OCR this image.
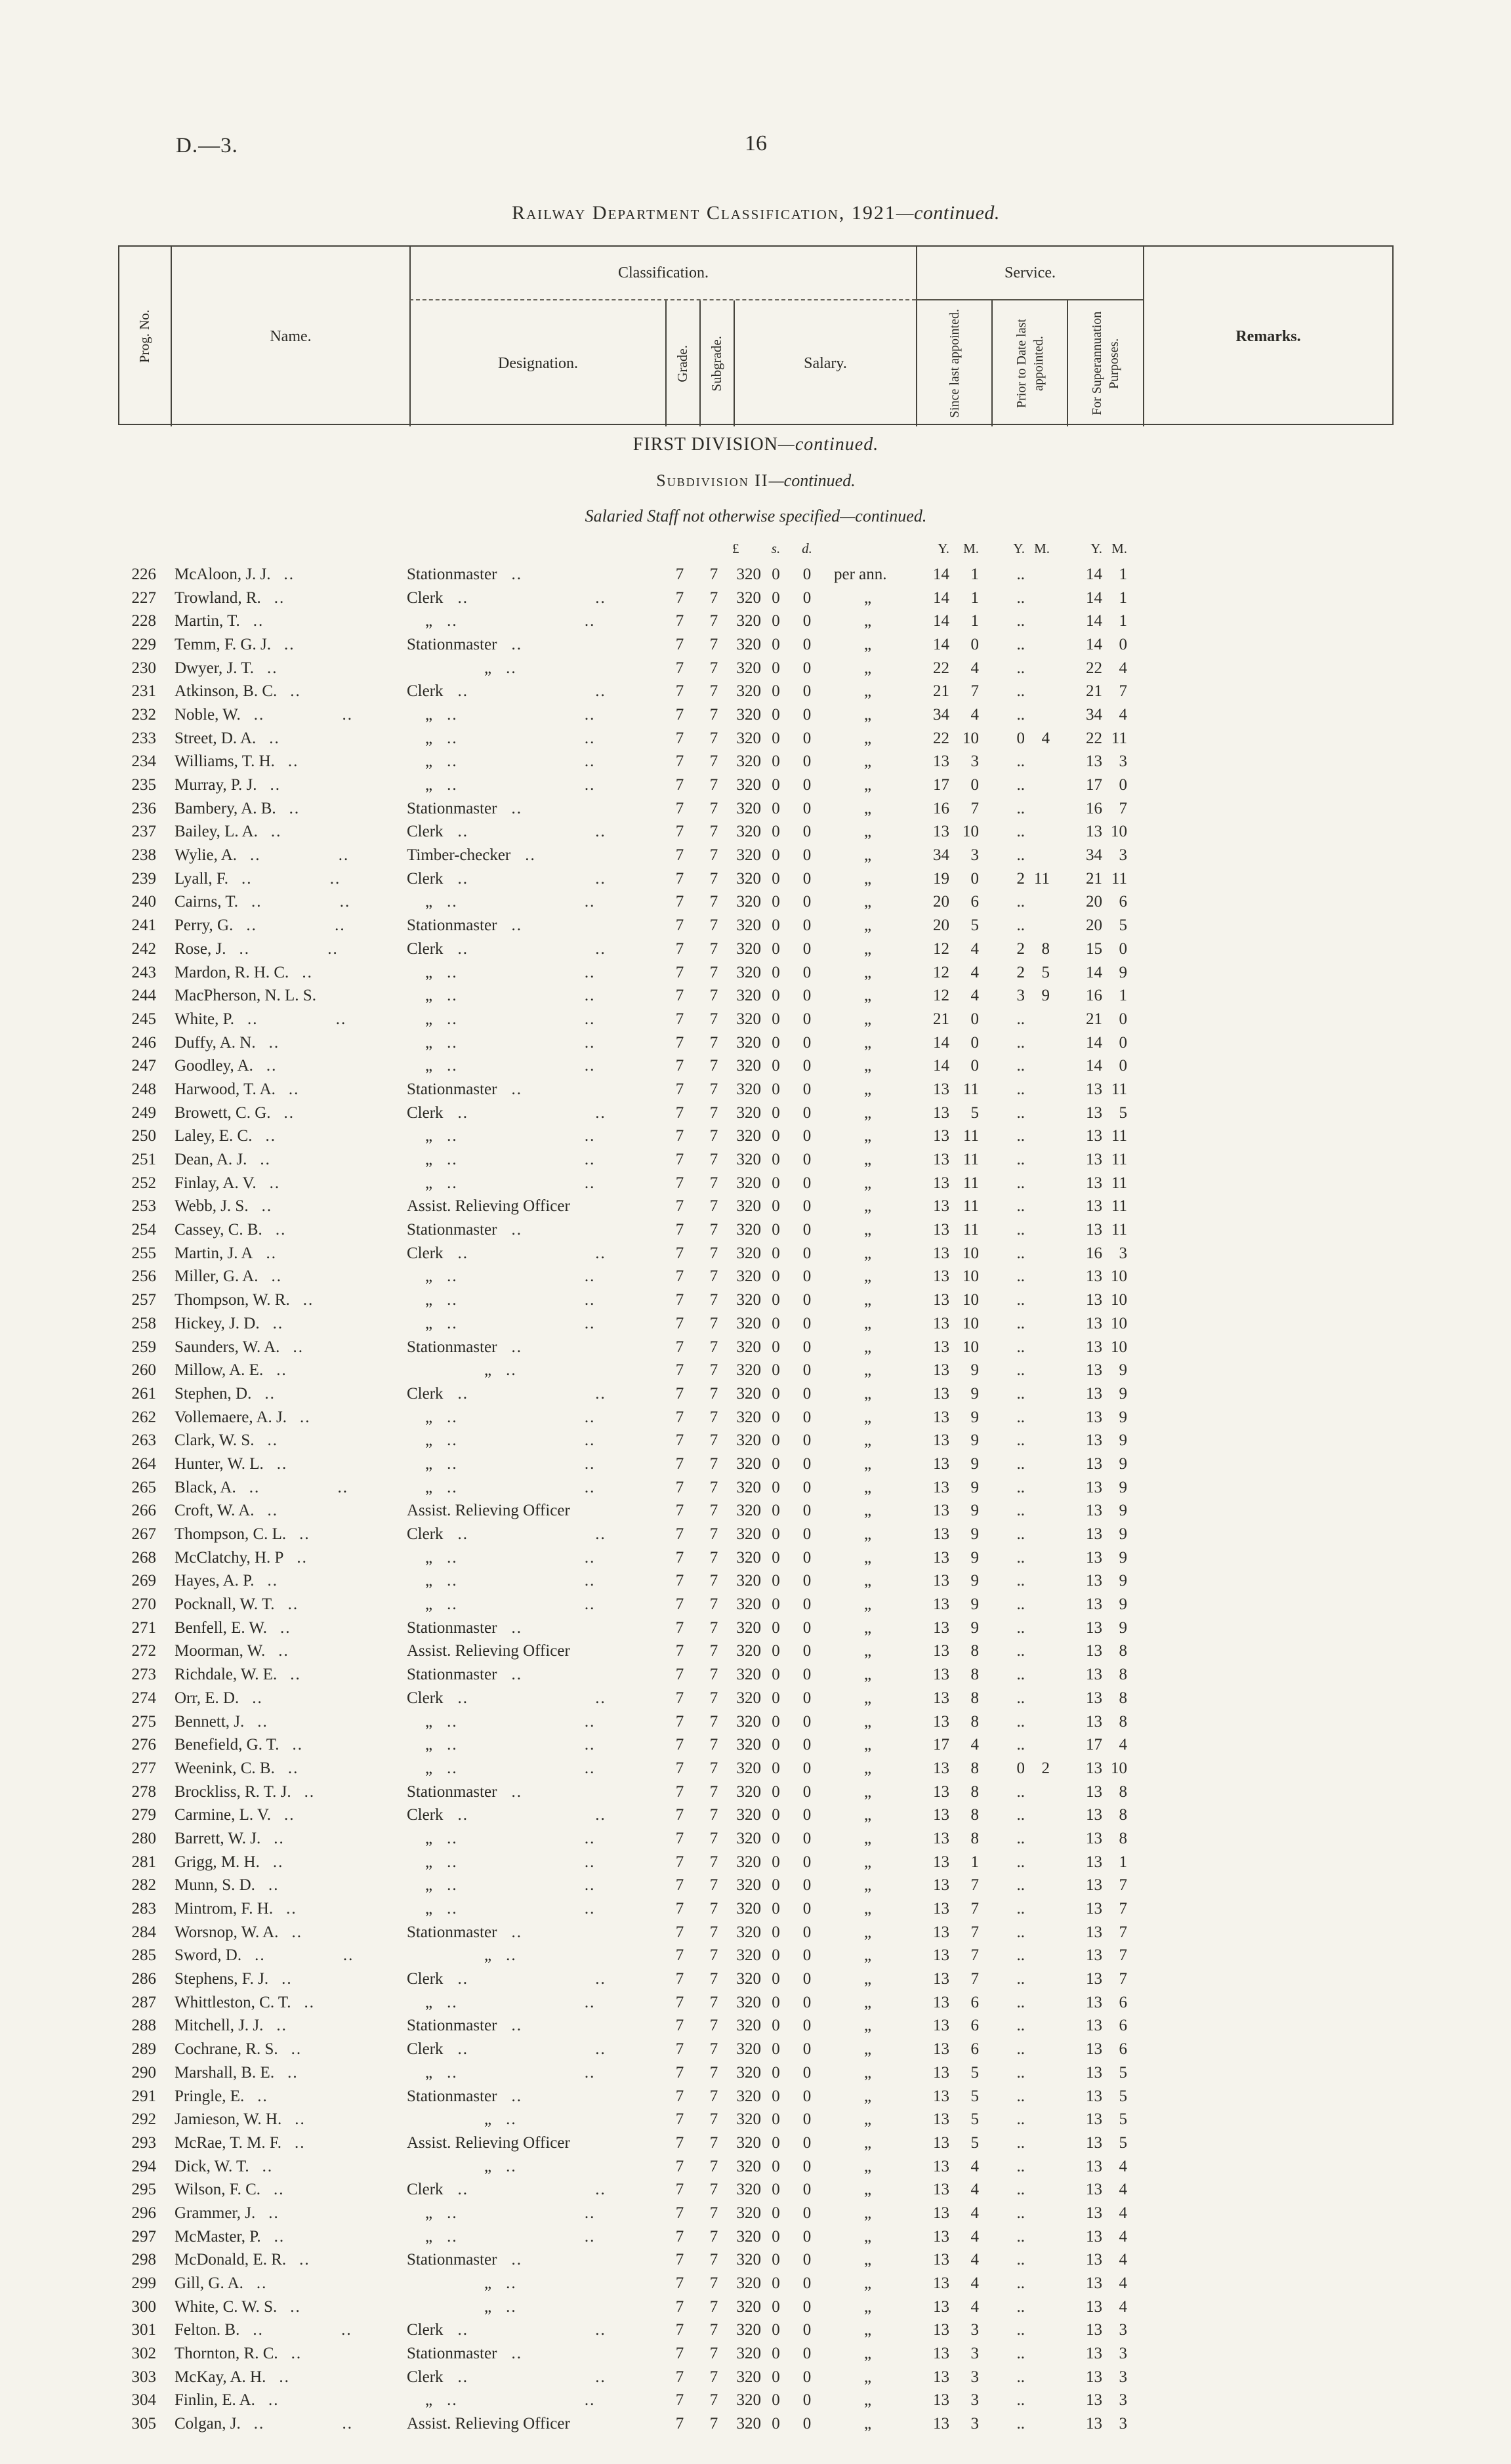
D.—3.	16
Railway Department Classification, 1921—continued.
Prog. No.	Name.
Classification.	Service.
Remarks.
Designation.	Grade. Subgrade.	Salary.	Since last appointed.	Prior to Date last appointed.	For Superannuation Purposes.
FIRST DIVISION—continued.
Subdivision II—continued.
Salaried Staff not otherwise specified—continued.
£	s.	d.	Y.	M.	Y. M.	Y. M.
226 McAloon, J. J. ..	Stationmaster ..	7	7	320 0	0	per ann.	14	1	..	14	1
227 Trowland, R. ..	Clerk .. ..	7	7	320 0	0	„	14	1	..	14	1
228 Martin, T. ..	„ .. ..	7	7	320 0	0	„	14	1	..	14	1
229 Temm, F. G. J. ..	Stationmaster ..	7	7	320 0	0	„	14	0	..	14	0
230 Dwyer, J. T. ..	„ ..	7	7	320 0	0	„	22	4	..	22	4
231 Atkinson, B. C. ..	Clerk .. ..	7	7	320 0	0	„	21	7	..	21	7
232 Noble, W. .. ..	„ .. ..	7	7	320 0	0	„	34	4	..	34	4
233 Street, D. A. ..	„ .. ..	7	7	320 0	0	„	22 10	0	4	22 11
234 Williams, T. H. ..	„ .. ..	7	7	320 0	0	„	13	3	..	13	3
235 Murray, P. J. ..	„ .. ..	7	7	320 0	0	„	17	0	..	17	0
236 Bambery, A. B. ..	Stationmaster ..	7	7	320 0	0	„	16	7	..	16	7
237 Bailey, L. A. ..	Clerk .. ..	7	7	320 0	0	„	13 10	..	13 10
238 Wylie, A. .. ..	Timber-checker ..	7	7	320 0	0	„	34	3	..	34	3
239 Lyall, F. .. ..	Clerk .. ..	7	7	320 0	0	„	19	0	2 11	21 11
240 Cairns, T. .. ..	„ .. ..	7	7	320 0	0	„	20	6	..	20	6
241 Perry, G. .. ..	Stationmaster ..	7	7	320 0	0	„	20	5	..	20	5
242 Rose, J. .. ..	Clerk .. ..	7	7	320 0	0	„	12	4	2	8	15	0
243 Mardon, R. H. C. ..	„ .. ..	7	7	320 0	0	„	12	4	2	5	14	9
244 MacPherson, N. L. S.	„ .. ..	7	7	320 0	0	„	12	4	3	9	16	1
245 White, P. .. ..	„ .. ..	7	7	320 0	0	„	21	0	..	21	0
246 Duffy, A. N. ..	„ .. ..	7	7	320 0	0	„	14	0	..	14	0
247 Goodley, A. ..	„ .. ..	7	7	320 0	0	„	14	0	..	14	0
248 Harwood, T. A. ..	Stationmaster ..	7	7	320 0	0	„	13 11	..	13 11
249 Browett, C. G. ..	Clerk .. ..	7	7	320 0	0	„	13	5	..	13	5
250 Laley, E. C. ..	„ .. ..	7	7	320 0	0	„	13 11	..	13 11
251 Dean, A. J. ..	„ .. ..	7	7	320 0	0	„	13 11	..	13 11
252 Finlay, A. V. ..	„ .. ..	7	7	320 0	0	„	13 11	..	13 11
253 Webb, J. S. ..	Assist. Relieving Officer	7	7	320 0	0	„	13 11	..	13 11
254 Cassey, C. B. ..	Stationmaster ..	7	7	320 0	0	„	13 11	..	13 11
255 Martin, J. A ..	Clerk .. ..	7	7	320 0	0	„	13 10	..	16	3
256 Miller, G. A. ..	„ .. ..	7	7	320 0	0	„	13 10	..	13 10
257 Thompson, W. R. ..	„ .. ..	7	7	320 0	0	„	13 10	..	13 10
258 Hickey, J. D. ..	„ .. ..	7	7	320 0	0	„	13 10	..	13 10
259 Saunders, W. A. ..	Stationmaster ..	7	7	320 0	0	„	13 10	..	13 10
260 Millow, A. E. ..	„ ..	7	7	320 0	0	„	13	9	..	13	9
261 Stephen, D. ..	Clerk .. ..	7	7	320 0	0	„	13	9	..	13	9
262 Vollemaere, A. J. ..	„ .. ..	7	7	320 0	0	„	13	9	..	13	9
263 Clark, W. S. ..	„ .. ..	7	7	320 0	0	„	13	9	..	13	9
264 Hunter, W. L. ..	„ .. ..	7	7	320 0	0	„	13	9	..	13	9
265 Black, A. .. ..	„ .. ..	7	7	320 0	0	„	13	9	..	13	9
266 Croft, W. A. ..	Assist. Relieving Officer	7	7	320 0	0	„	13	9	..	13	9
267 Thompson, C. L. ..	Clerk .. ..	7	7	320 0	0	„	13	9	..	13	9
268 McClatchy, H. P ..	„ .. ..	7	7	320 0	0	„	13	9	..	13	9
269 Hayes, A. P. ..	„ .. ..	7	7	320 0	0	„	13	9	..	13	9
270 Pocknall, W. T. ..	„ .. ..	7	7	320 0	0	„	13	9	..	13	9
271 Benfell, E. W. ..	Stationmaster ..	7	7	320 0	0	„	13	9	..	13	9
272 Moorman, W. ..	Assist. Relieving Officer	7	7	320 0	0	„	13	8	..	13	8
273 Richdale, W. E. ..	Stationmaster ..	7	7	320 0	0	„	13	8	..	13	8
274 Orr, E. D. ..	Clerk .. ..	7	7	320 0	0	„	13	8	..	13	8
275 Bennett, J. ..	„ .. ..	7	7	320 0	0	„	13	8	..	13	8
276 Benefield, G. T. ..	„ .. ..	7	7	320 0	0	„	17	4	..	17	4
277 Weenink, C. B. ..	„ .. ..	7	7	320 0	0	„	13	8	0	2	13 10
278 Brockliss, R. T. J. ..	Stationmaster ..	7	7	320 0	0	„	13	8	..	13	8
279 Carmine, L. V. ..	Clerk .. ..	7	7	320 0	0	„	13	8	..	13	8
280 Barrett, W. J. ..	„ .. ..	7	7	320 0	0	„	13	8	..	13	8
281 Grigg, M. H. ..	„ .. ..	7	7	320 0	0	„	13	1	..	13	1
282 Munn, S. D. ..	„ .. ..	7	7	320 0	0	„	13	7	..	13	7
283 Mintrom, F. H. ..	„ .. ..	7	7	320 0	0	„	13	7	..	13	7
284 Worsnop, W. A. ..	Stationmaster ..	7	7	320 0	0	„	13	7	..	13	7
285 Sword, D. .. ..	„ ..	7	7	320 0	0	„	13	7	..	13	7
286 Stephens, F. J. ..	Clerk .. ..	7	7	320 0	0	„	13	7	..	13	7
287 Whittleston, C. T. ..	„ .. ..	7	7	320 0	0	„	13	6	..	13	6
288 Mitchell, J. J. ..	Stationmaster ..	7	7	320 0	0	„	13	6	..	13	6
289 Cochrane, R. S. ..	Clerk .. ..	7	7	320 0	0	„	13	6	..	13	6
290 Marshall, B. E. ..	„ .. ..	7	7	320 0	0	„	13	5	..	13	5
291 Pringle, E. ..	Stationmaster ..	7	7	320 0	0	„	13	5	..	13	5
292 Jamieson, W. H. ..	„ ..	7	7	320 0	0	„	13	5	..	13	5
293 McRae, T. M. F. ..	Assist. Relieving Officer	7	7	320 0	0	„	13	5	..	13	5
294 Dick, W. T. ..	„ ..	7	7	320 0	0	„	13	4	..	13	4
295 Wilson, F. C. ..	Clerk .. ..	7	7	320 0	0	„	13	4	..	13	4
296 Grammer, J. ..	„ .. ..	7	7	320 0	0	„	13	4	..	13	4
297 McMaster, P. ..	„ .. ..	7	7	320 0	0	„	13	4	..	13	4
298 McDonald, E. R. ..	Stationmaster ..	7	7	320 0	0	„	13	4	..	13	4
299 Gill, G. A. ..	„ ..	7	7	320 0	0	„	13	4	..	13	4
300 White, C. W. S. ..	„ ..	7	7	320 0	0	„	13	4	..	13	4
301 Felton. B. .. ..	Clerk .. ..	7	7	320 0	0	„	13	3	..	13	3
302 Thornton, R. C. ..	Stationmaster ..	7	7	320 0	0	„	13	3	..	13	3
303 McKay, A. H. ..	Clerk .. ..	7	7	320 0	0	„	13	3	..	13	3
304 Finlin, E. A. ..	„ .. ..	7	7	320 0	0	„	13	3	..	13	3
305 Colgan, J. .. ..	Assist. Relieving Officer	7	7	320 0	0	„	13	3	..	13	3
